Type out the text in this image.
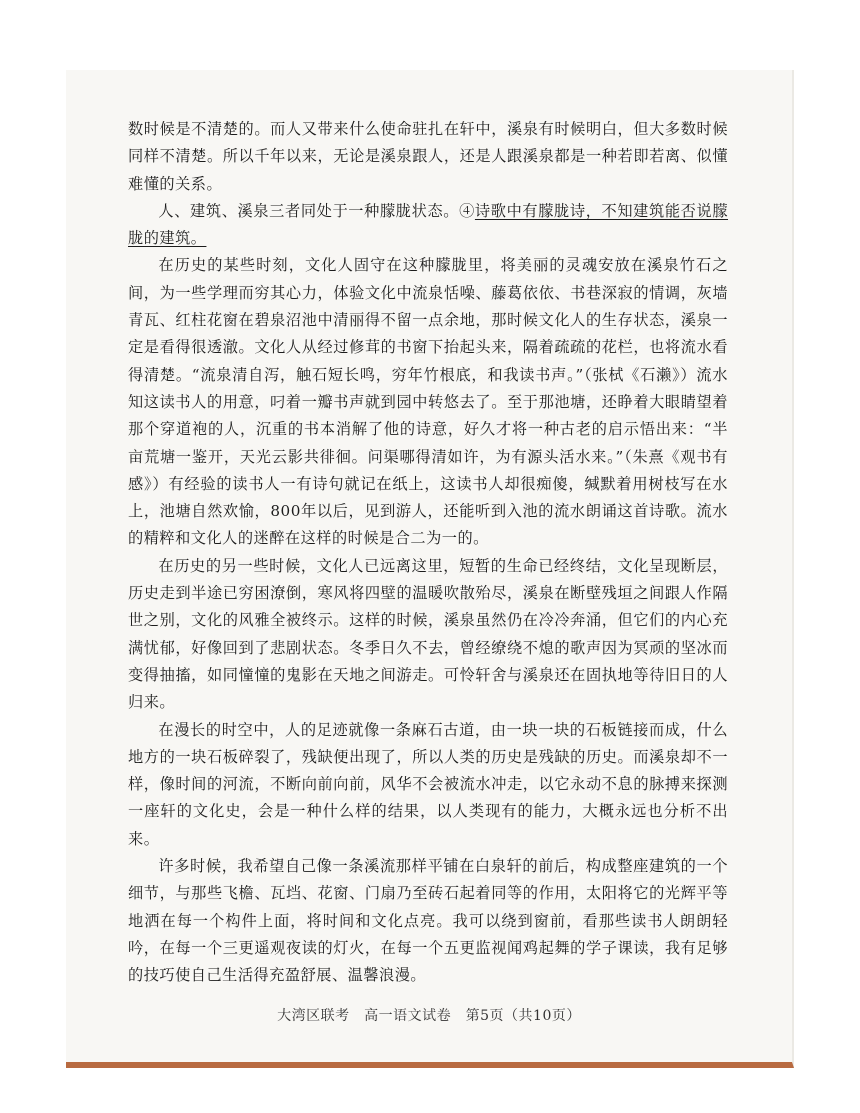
数时候是不清楚的。而人又带来什么使命驻扎在轩中，溪泉有时候明白，但大多数时候同样不清楚。所以千年以来，无论是溪泉跟人，还是人跟溪泉都是一种若即若离、似懂难懂的关系。

人、建筑、溪泉三者同处于一种朦胧状态。④诗歌中有朦胧诗，不知建筑能否说朦胧的建筑。

在历史的某些时刻，文化人固守在这种朦胧里，将美丽的灵魂安放在溪泉竹石之间，为一些学理而穷其心力，体验文化中流泉恬噪、藤葛依依、书巷深寂的情调，灰墙青瓦、红柱花窗在碧泉沼池中清丽得不留一点余地，那时候文化人的生存状态，溪泉一定是看得很透澈。文化人从经过修茸的书窗下抬起头来，隔着疏疏的花栏，也将流水看得清楚。“流泉清自泻，触石短长鸣，穷年竹根底，和我读书声。”（张栻《石濑》）流水知这读书人的用意，叼着一瓣书声就到园中转悠去了。至于那池塘，还睁着大眼睛望着那个穿道袍的人，沉重的书本消解了他的诗意，好久才将一种古老的启示悟出来：“半亩荒塘一鉴开，天光云影共徘徊。问渠哪得清如许，为有源头活水来。”（朱熹《观书有感》）有经验的读书人一有诗句就记在纸上，这读书人却很痴傻，缄默着用树枝写在水上，池塘自然欢愉，800年以后，见到游人，还能听到入池的流水朗诵这首诗歌。流水的精粹和文化人的迷醉在这样的时候是合二为一的。

在历史的另一些时候，文化人已远离这里，短暂的生命已经终结，文化呈现断层，历史走到半途已穷困潦倒，寒风将四壁的温暖吹散殆尽，溪泉在断壁残垣之间跟人作隔世之别，文化的风雅全被终示。这样的时候，溪泉虽然仍在冷冷奔涌，但它们的内心充满忧郁，好像回到了悲剧状态。冬季日久不去，曾经缭绕不熄的歌声因为冥顽的坚冰而变得抽搐，如同憧憧的鬼影在天地之间游走。可怜轩舍与溪泉还在固执地等待旧日的人归来。

在漫长的时空中，人的足迹就像一条麻石古道，由一块一块的石板链接而成，什么地方的一块石板碎裂了，残缺便出现了，所以人类的历史是残缺的历史。而溪泉却不一样，像时间的河流，不断向前向前，风华不会被流水冲走，以它永动不息的脉搏来探测一座轩的文化史，会是一种什么样的结果，以人类现有的能力，大概永远也分析不出来。

许多时候，我希望自己像一条溪流那样平铺在白泉轩的前后，构成整座建筑的一个细节，与那些飞檐、瓦垱、花窗、门扇乃至砖石起着同等的作用，太阳将它的光辉平等地洒在每一个构件上面，将时间和文化点亮。我可以绕到窗前，看那些读书人朗朗轻吟，在每一个三更遥观夜读的灯火，在每一个五更监视闻鸡起舞的学子课读，我有足够的技巧使自己生活得充盈舒展、温馨浪漫。

大湾区联考　高一语文试卷　第5页（共10页）
